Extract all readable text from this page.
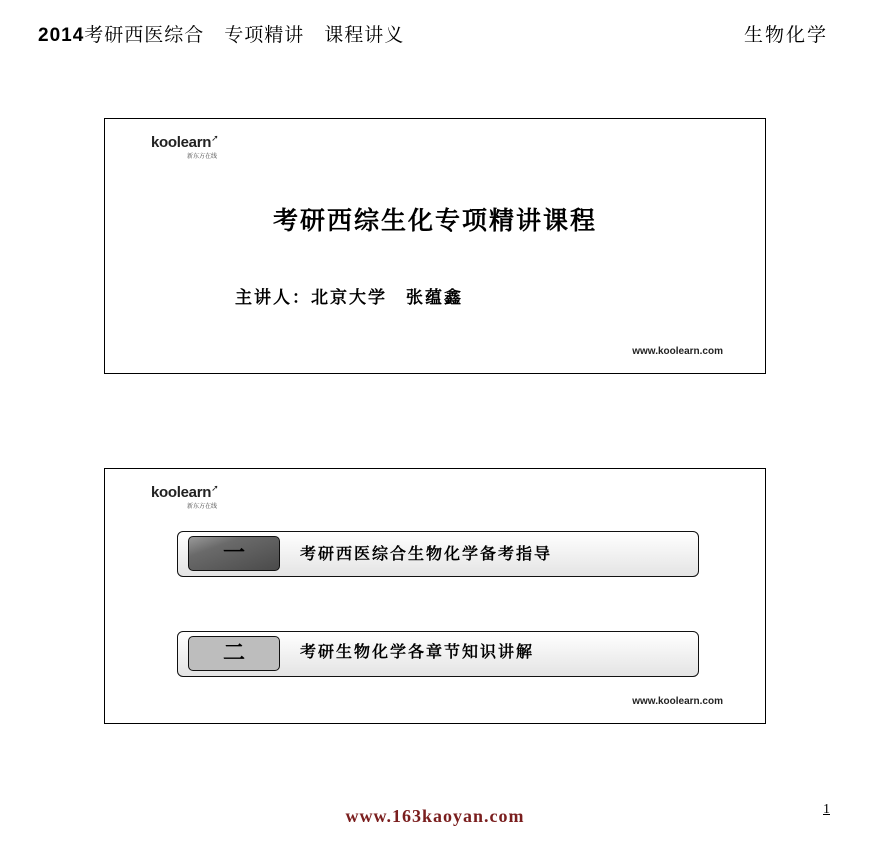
2014考研西医综合　专项精讲　课程讲义	生物化学
koolearn➚
新东方在线
考研西综生化专项精讲课程
主讲人：北京大学　张蕴鑫
www.koolearn.com
koolearn➚
新东方在线
一	考研西医综合生物化学备考指导
二	考研生物化学各章节知识讲解
www.koolearn.com
www.163kaoyan.com	1
